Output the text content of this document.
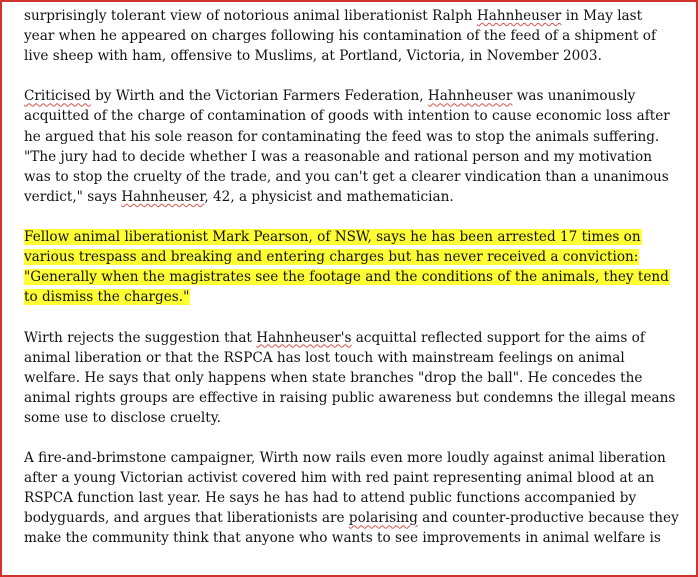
surprisingly tolerant view of notorious animal liberationist Ralph Hahnheuser in May last
year when he appeared on charges following his contamination of the feed of a shipment of
live sheep with ham, offensive to Muslims, at Portland, Victoria, in November 2003.
Criticised by Wirth and the Victorian Farmers Federation, Hahnheuser was unanimously
acquitted of the charge of contamination of goods with intention to cause economic loss after
he argued that his sole reason for contaminating the feed was to stop the animals suffering.
"The jury had to decide whether I was a reasonable and rational person and my motivation
was to stop the cruelty of the trade, and you can't get a clearer vindication than a unanimous
verdict," says Hahnheuser, 42, a physicist and mathematician.
Fellow animal liberationist Mark Pearson, of NSW, says he has been arrested 17 times on
various trespass and breaking and entering charges but has never received a conviction:
"Generally when the magistrates see the footage and the conditions of the animals, they tend
to dismiss the charges."
Wirth rejects the suggestion that Hahnheuser's acquittal reflected support for the aims of
animal liberation or that the RSPCA has lost touch with mainstream feelings on animal
welfare. He says that only happens when state branches "drop the ball". He concedes the
animal rights groups are effective in raising public awareness but condemns the illegal means
some use to disclose cruelty.
A fire-and-brimstone campaigner, Wirth now rails even more loudly against animal liberation
after a young Victorian activist covered him with red paint representing animal blood at an
RSPCA function last year. He says he has had to attend public functions accompanied by
bodyguards, and argues that liberationists are polarising and counter-productive because they
make the community think that anyone who wants to see improvements in animal welfare is
